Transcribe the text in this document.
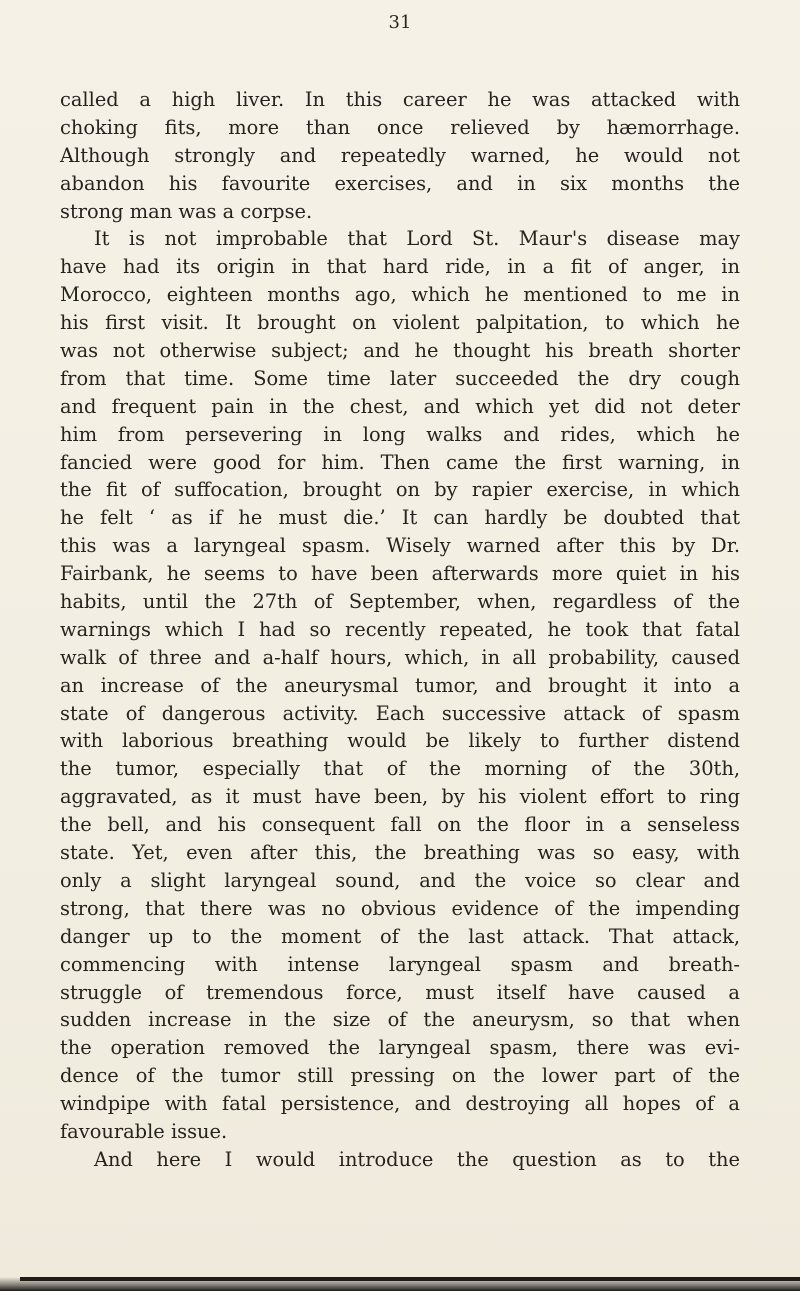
31
called a high liver. In this career he was attacked with
choking fits, more than once relieved by hæmorrhage.
Although strongly and repeatedly warned, he would not
abandon his favourite exercises, and in six months the
strong man was a corpse.
It is not improbable that Lord St. Maur's disease may
have had its origin in that hard ride, in a fit of anger, in
Morocco, eighteen months ago, which he mentioned to me in
his first visit. It brought on violent palpitation, to which he
was not otherwise subject; and he thought his breath shorter
from that time. Some time later succeeded the dry cough
and frequent pain in the chest, and which yet did not deter
him from persevering in long walks and rides, which he
fancied were good for him. Then came the first warning, in
the fit of suffocation, brought on by rapier exercise, in which
he felt ‘ as if he must die.’ It can hardly be doubted that
this was a laryngeal spasm. Wisely warned after this by Dr.
Fairbank, he seems to have been afterwards more quiet in his
habits, until the 27th of September, when, regardless of the
warnings which I had so recently repeated, he took that fatal
walk of three and a-half hours, which, in all probability, caused
an increase of the aneurysmal tumor, and brought it into a
state of dangerous activity. Each successive attack of spasm
with laborious breathing would be likely to further distend
the tumor, especially that of the morning of the 30th,
aggravated, as it must have been, by his violent effort to ring
the bell, and his consequent fall on the floor in a senseless
state. Yet, even after this, the breathing was so easy, with
only a slight laryngeal sound, and the voice so clear and
strong, that there was no obvious evidence of the impending
danger up to the moment of the last attack. That attack,
commencing with intense laryngeal spasm and breath-
struggle of tremendous force, must itself have caused a
sudden increase in the size of the aneurysm, so that when
the operation removed the laryngeal spasm, there was evi-
dence of the tumor still pressing on the lower part of the
windpipe with fatal persistence, and destroying all hopes of a
favourable issue.
And here I would introduce the question as to the
